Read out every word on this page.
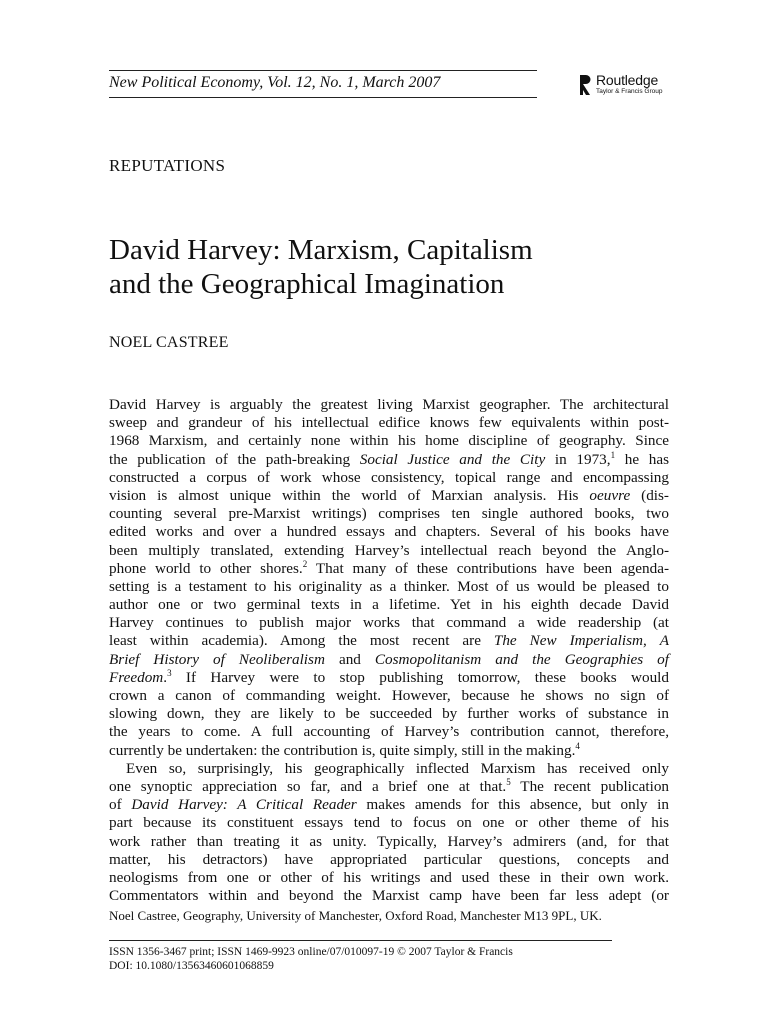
New Political Economy, Vol. 12, No. 1, March 2007	Routledge
Taylor & Francis Group
REPUTATIONS
David Harvey: Marxism, Capitalism
and the Geographical Imagination
NOEL CASTREE
David Harvey is arguably the greatest living Marxist geographer. The architectural
sweep and grandeur of his intellectual edifice knows few equivalents within post-
1968 Marxism, and certainly none within his home discipline of geography. Since
the publication of the path-breaking Social Justice and the City in 1973,$^1$ he has
constructed a corpus of work whose consistency, topical range and encompassing
vision is almost unique within the world of Marxian analysis. His oeuvre (dis-
counting several pre-Marxist writings) comprises ten single authored books, two
edited works and over a hundred essays and chapters. Several of his books have
been multiply translated, extending Harvey’s intellectual reach beyond the Anglo-
phone world to other shores.$^2$ That many of these contributions have been agenda-
setting is a testament to his originality as a thinker. Most of us would be pleased to
author one or two germinal texts in a lifetime. Yet in his eighth decade David
Harvey continues to publish major works that command a wide readership (at
least within academia). Among the most recent are The New Imperialism, A
Brief History of Neoliberalism and Cosmopolitanism and the Geographies of
Freedom.$^3$ If Harvey were to stop publishing tomorrow, these books would
crown a canon of commanding weight. However, because he shows no sign of
slowing down, they are likely to be succeeded by further works of substance in
the years to come. A full accounting of Harvey’s contribution cannot, therefore,
currently be undertaken: the contribution is, quite simply, still in the making.$^4$
Even so, surprisingly, his geographically inflected Marxism has received only
one synoptic appreciation so far, and a brief one at that.$^5$ The recent publication
of David Harvey: A Critical Reader makes amends for this absence, but only in
part because its constituent essays tend to focus on one or other theme of his
work rather than treating it as unity. Typically, Harvey’s admirers (and, for that
matter, his detractors) have appropriated particular questions, concepts and
neologisms from one or other of his writings and used these in their own work.
Commentators within and beyond the Marxist camp have been far less adept (or
Noel Castree, Geography, University of Manchester, Oxford Road, Manchester M13 9PL, UK.
ISSN 1356-3467 print; ISSN 1469-9923 online/07/010097-19 © 2007 Taylor & Francis
DOI: 10.1080/13563460601068859
